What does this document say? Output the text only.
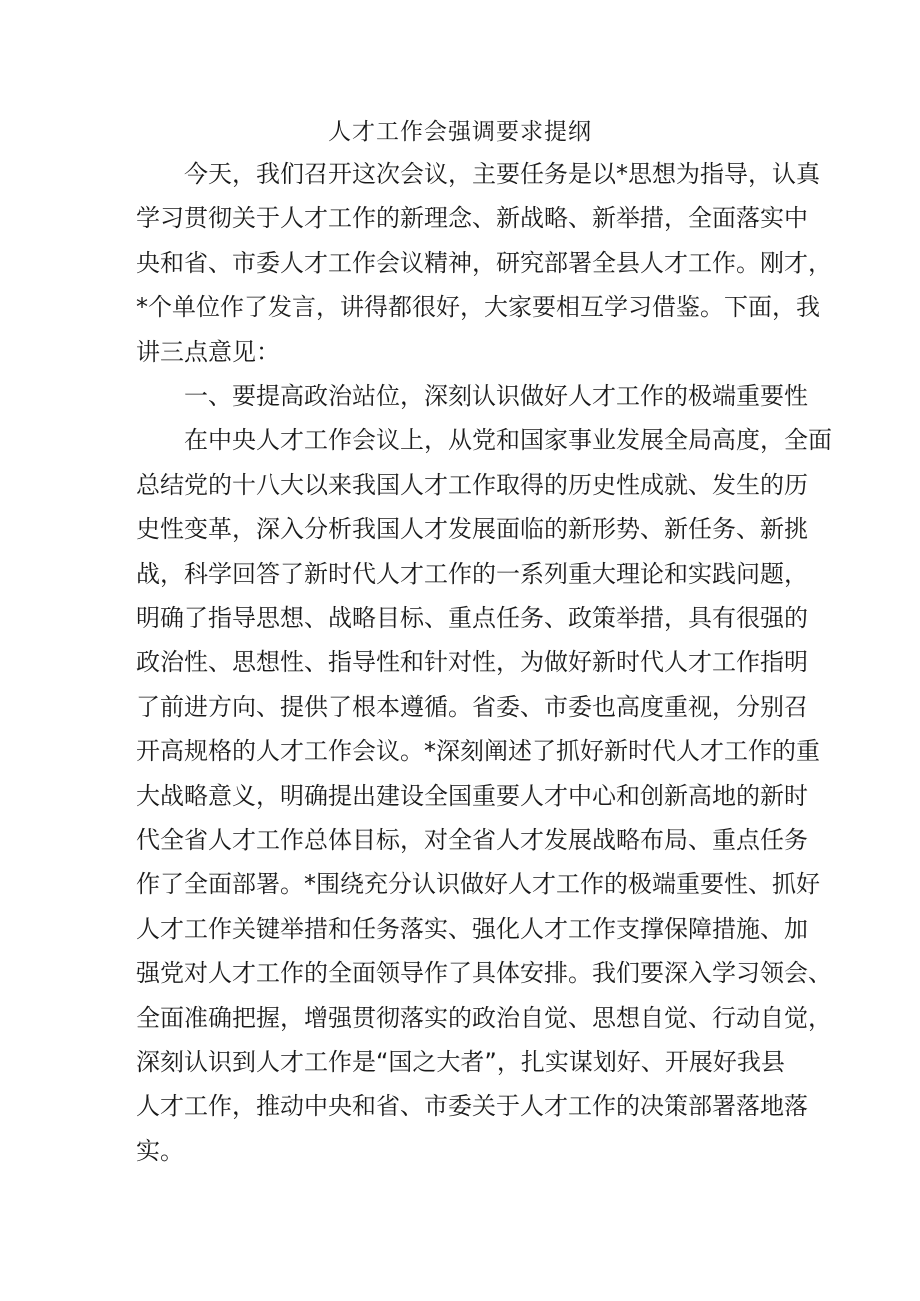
人才工作会强调要求提纲
今天，我们召开这次会议，主要任务是以*思想为指导，认真
学习贯彻关于人才工作的新理念、新战略、新举措，全面落实中
央和省、市委人才工作会议精神，研究部署全县人才工作。刚才，
*个单位作了发言，讲得都很好，大家要相互学习借鉴。下面，我
讲三点意见：
一、要提高政治站位，深刻认识做好人才工作的极端重要性
在中央人才工作会议上，从党和国家事业发展全局高度，全面
总结党的十八大以来我国人才工作取得的历史性成就、发生的历
史性变革，深入分析我国人才发展面临的新形势、新任务、新挑
战，科学回答了新时代人才工作的一系列重大理论和实践问题，
明确了指导思想、战略目标、重点任务、政策举措，具有很强的
政治性、思想性、指导性和针对性，为做好新时代人才工作指明
了前进方向、提供了根本遵循。省委、市委也高度重视，分别召
开高规格的人才工作会议。*深刻阐述了抓好新时代人才工作的重
大战略意义，明确提出建设全国重要人才中心和创新高地的新时
代全省人才工作总体目标，对全省人才发展战略布局、重点任务
作了全面部署。*围绕充分认识做好人才工作的极端重要性、抓好
人才工作关键举措和任务落实、强化人才工作支撑保障措施、加
强党对人才工作的全面领导作了具体安排。我们要深入学习领会、
全面准确把握，增强贯彻落实的政治自觉、思想自觉、行动自觉，
深刻认识到人才工作是“国之大者”，扎实谋划好、开展好我县
人才工作，推动中央和省、市委关于人才工作的决策部署落地落
实。
